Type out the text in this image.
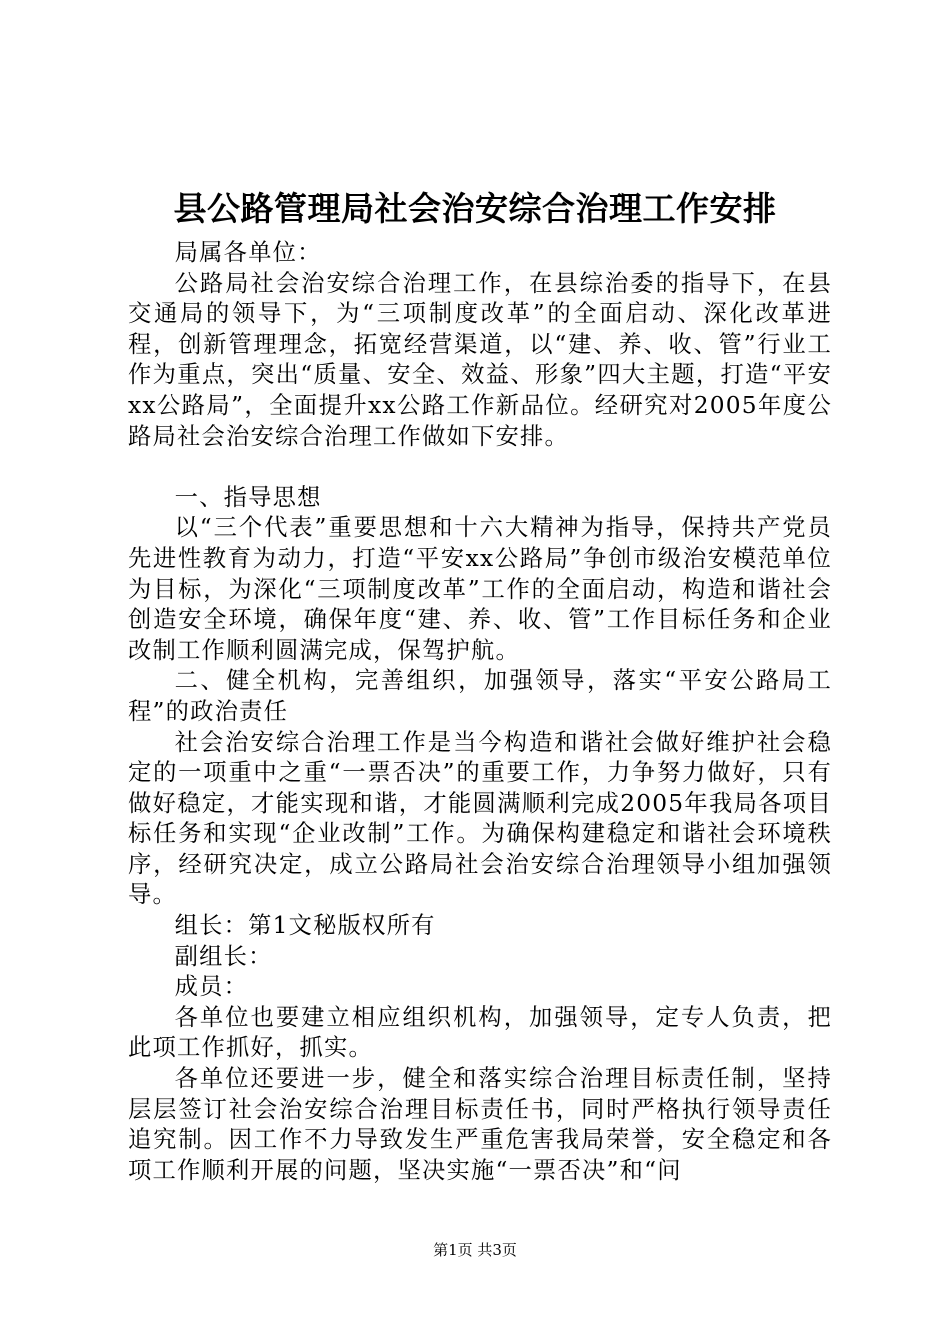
县公路管理局社会治安综合治理工作安排

局属各单位：

公路局社会治安综合治理工作，在县综治委的指导下，在县交通局的领导下，为“三项制度改革”的全面启动、深化改革进程，创新管理理念，拓宽经营渠道，以“建、养、收、管”行业工作为重点，突出“质量、安全、效益、形象”四大主题，打造“平安xx公路局”，全面提升xx公路工作新品位。经研究对2005年度公路局社会治安综合治理工作做如下安排。

一、指导思想

以“三个代表”重要思想和十六大精神为指导，保持共产党员先进性教育为动力，打造“平安xx公路局”争创市级治安模范单位为目标，为深化“三项制度改革”工作的全面启动，构造和谐社会创造安全环境，确保年度“建、养、收、管”工作目标任务和企业改制工作顺利圆满完成，保驾护航。

二、健全机构，完善组织，加强领导，落实“平安公路局工程”的政治责任

社会治安综合治理工作是当今构造和谐社会做好维护社会稳定的一项重中之重“一票否决”的重要工作，力争努力做好，只有做好稳定，才能实现和谐，才能圆满顺利完成2005年我局各项目标任务和实现“企业改制”工作。为确保构建稳定和谐社会环境秩序，经研究决定，成立公路局社会治安综合治理领导小组加强领导。

组长：第1文秘版权所有

副组长：

成员：

各单位也要建立相应组织机构，加强领导，定专人负责，把此项工作抓好，抓实。

各单位还要进一步，健全和落实综合治理目标责任制，坚持层层签订社会治安综合治理目标责任书，同时严格执行领导责任追究制。因工作不力导致发生严重危害我局荣誉，安全稳定和各项工作顺利开展的问题，坚决实施“一票否决”和“问

第1页 共3页
